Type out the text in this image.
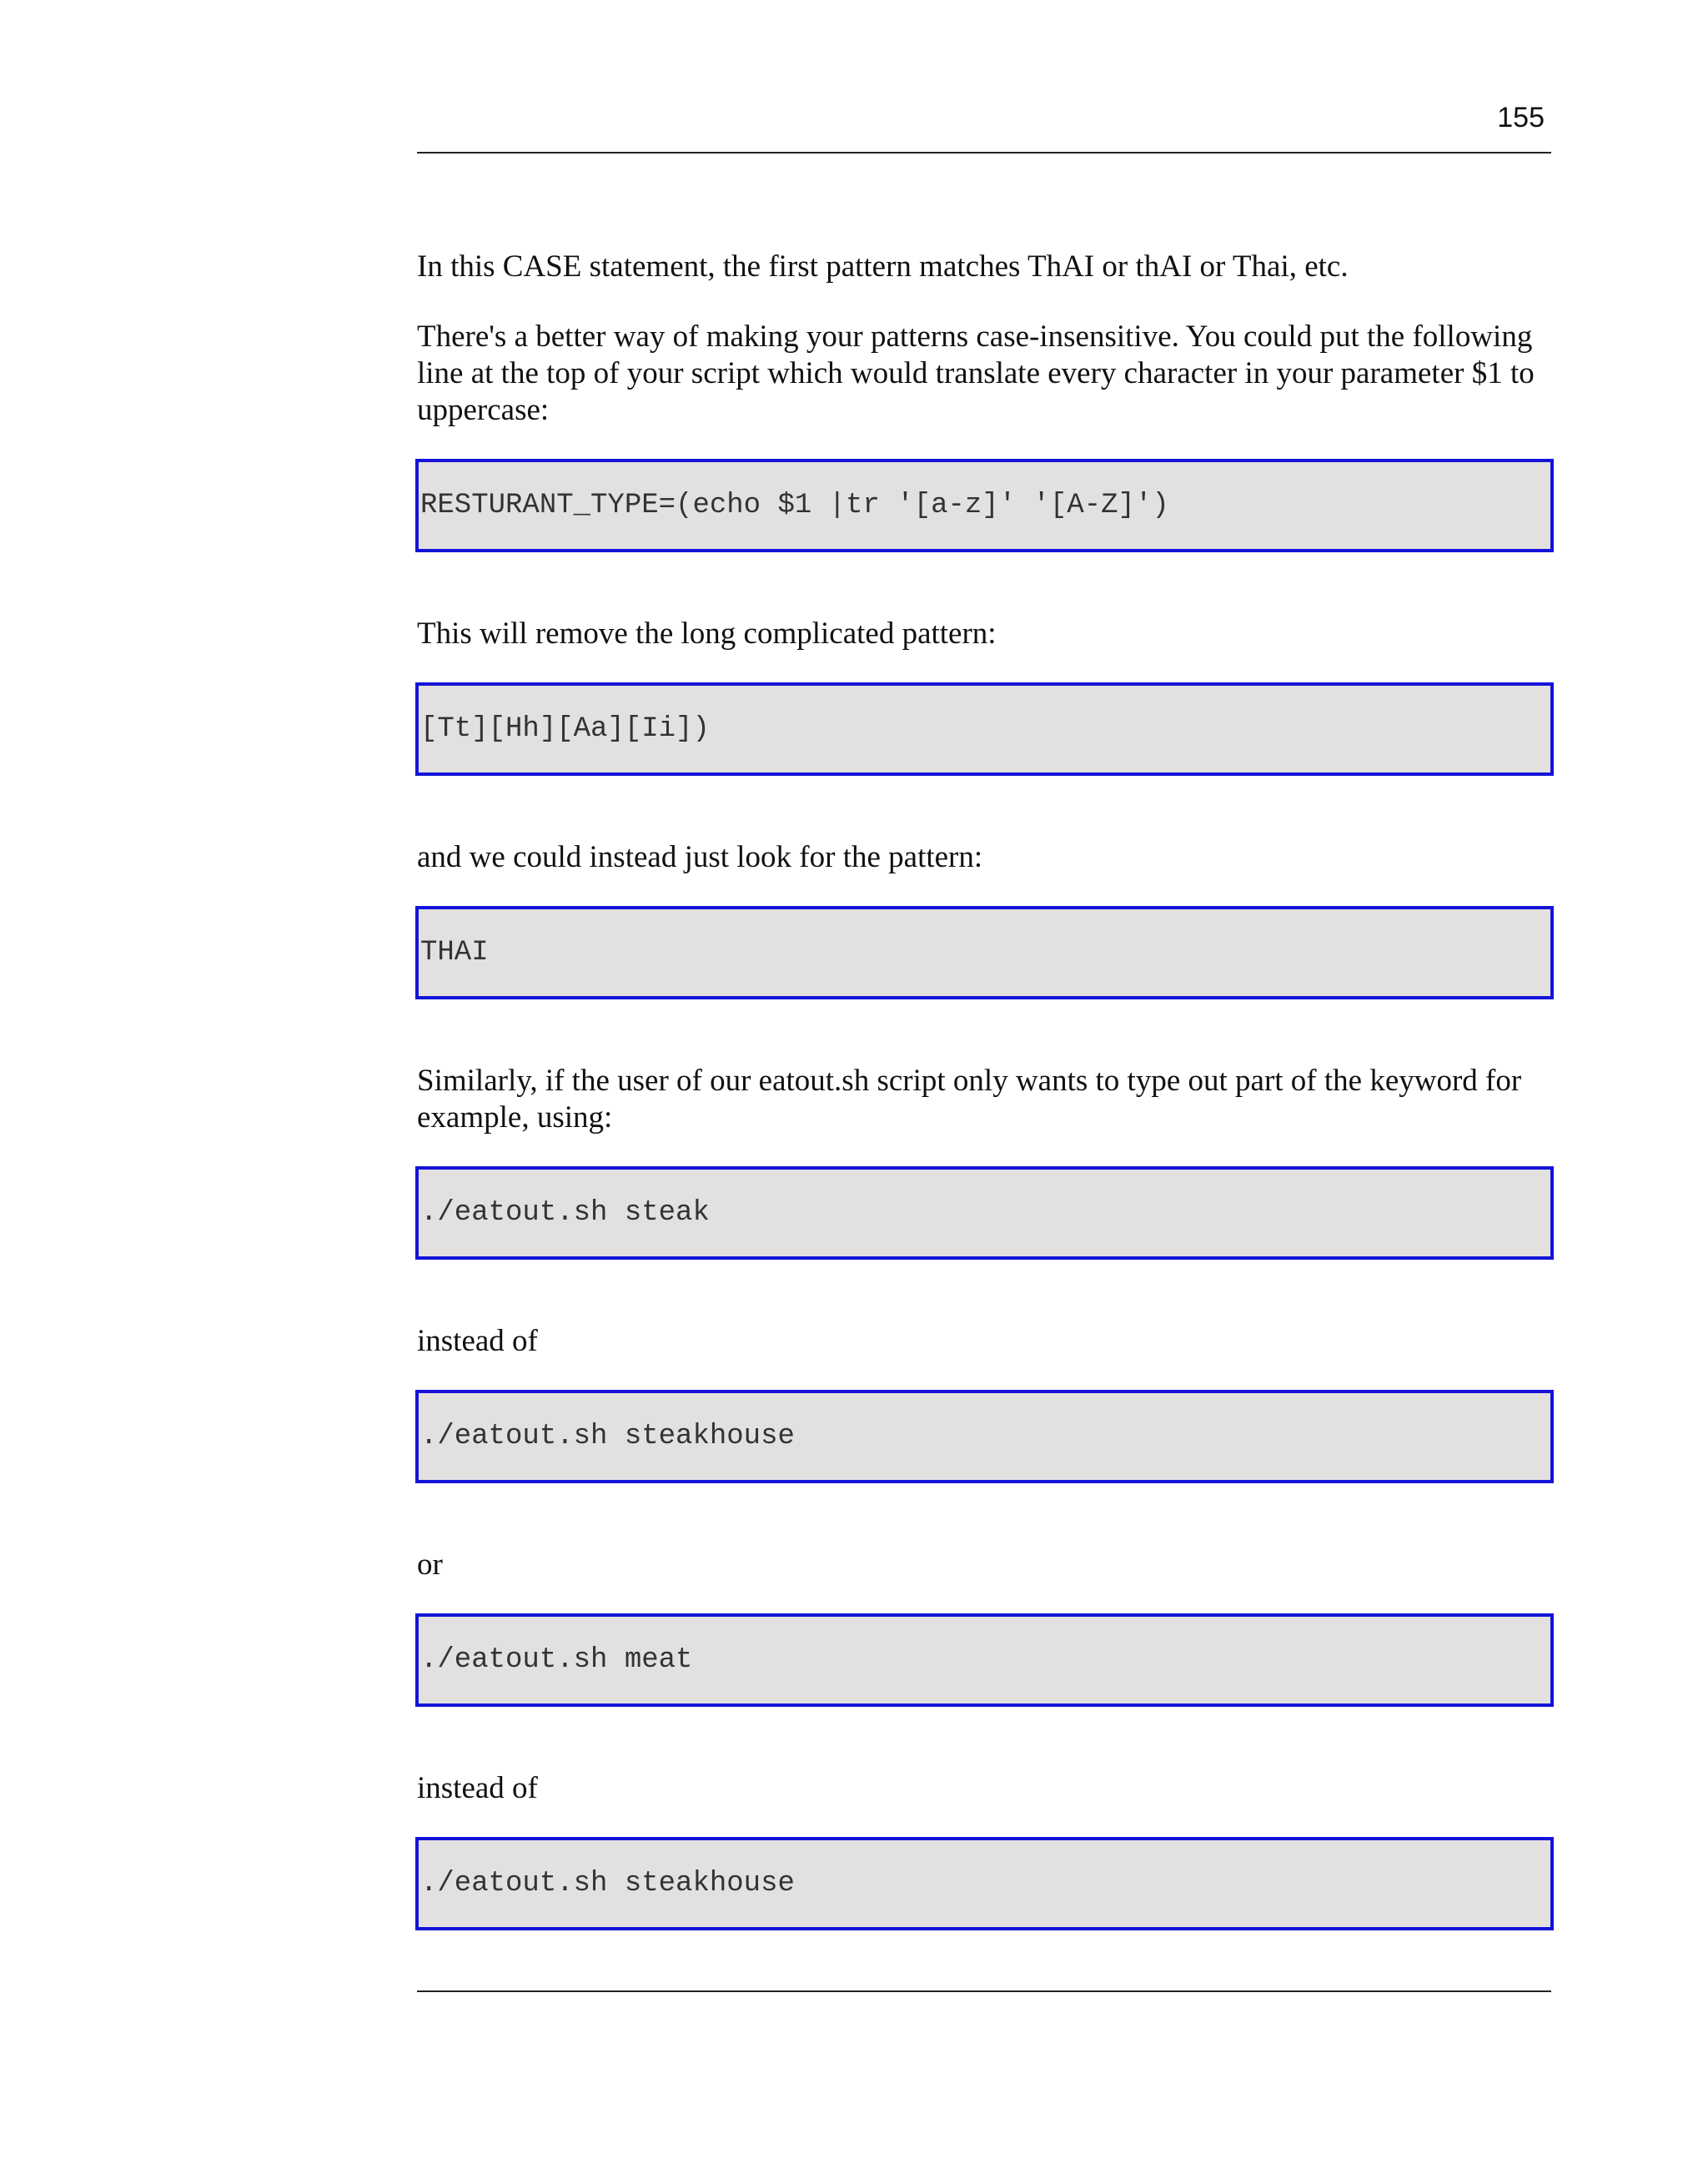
155

In this CASE statement, the first pattern matches ThAI or thAI or Thai, etc.

There's a better way of making your patterns case-insensitive. You could put the following line at the top of your script which would translate every character in your parameter $1 to uppercase:

RESTURANT_TYPE=(echo $1 |tr '[a-z]' '[A-Z]')

This will remove the long complicated pattern:

[Tt][Hh][Aa][Ii])

and we could instead just look for the pattern:

THAI

Similarly, if the user of our eatout.sh script only wants to type out part of the keyword for example, using:

./eatout.sh steak

instead of

./eatout.sh steakhouse

or

./eatout.sh meat

instead of

./eatout.sh steakhouse
